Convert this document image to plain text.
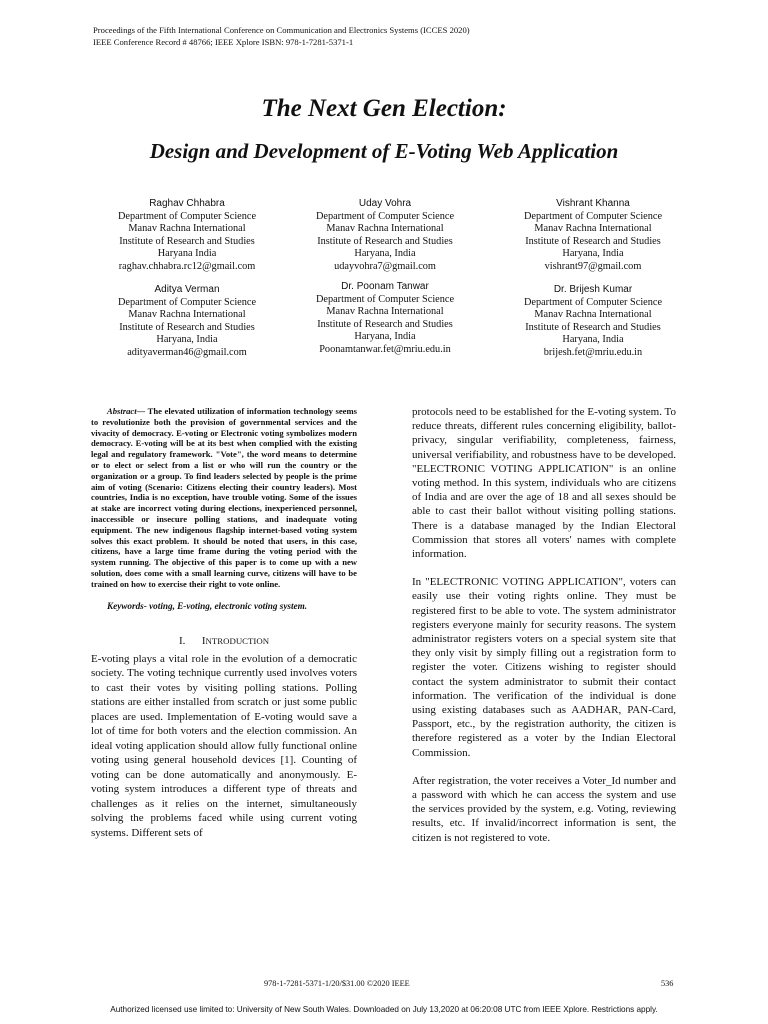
Proceedings of the Fifth International Conference on Communication and Electronics Systems (ICCES 2020)
IEEE Conference Record # 48766; IEEE Xplore ISBN: 978-1-7281-5371-1
The Next Gen Election:
Design and Development of E-Voting Web Application
Raghav Chhabra
Department of Computer Science
Manav Rachna International
Institute of Research and Studies
Haryana India
raghav.chhabra.rc12@gmail.com
Uday Vohra
Department of Computer Science
Manav Rachna International
Institute of Research and Studies
Haryana, India
udayvohra7@gmail.com
Vishrant Khanna
Department of Computer Science
Manav Rachna International
Institute of Research and Studies
Haryana, India
vishrant97@gmail.com
Aditya Verman
Department of Computer Science
Manav Rachna International
Institute of Research and Studies
Haryana, India
adityaverman46@gmail.com
Dr. Poonam Tanwar
Department of Computer Science
Manav Rachna International
Institute of Research and Studies
Haryana, India
Poonamtanwar.fet@mriu.edu.in
Dr. Brijesh Kumar
Department of Computer Science
Manav Rachna International
Institute of Research and Studies
Haryana, India
brijesh.fet@mriu.edu.in
Abstract— The elevated utilization of information technology seems to revolutionize both the provision of governmental services and the vivacity of democracy. E-voting or Electronic voting symbolizes modern democracy. E-voting will be at its best when complied with the existing legal and regulatory framework. "Vote", the word means to determine or to elect or select from a list or who will run the country or the organization or a group. To find leaders selected by people is the prime aim of voting (Scenario: Citizens electing their country leaders). Most countries, India is no exception, have trouble voting. Some of the issues at stake are incorrect voting during elections, inexperienced personnel, inaccessible or insecure polling stations, and inadequate voting equipment. The new indigenous flagship internet-based voting system solves this exact problem. It should be noted that users, in this case, citizens, have a large time frame during the voting period with the system running. The objective of this paper is to come up with a new solution, does come with a small learning curve, citizens will have to be trained on how to exercise their right to vote online.
Keywords- voting, E-voting, electronic voting system.
I. INTRODUCTION

E-voting plays a vital role in the evolution of a democratic society. The voting technique currently used involves voters to cast their votes by visiting polling stations. Polling stations are either installed from scratch or just some public places are used. Implementation of E-voting would save a lot of time for both voters and the election commission. An ideal voting application should allow fully functional online voting using general household devices [1]. Counting of voting can be done automatically and anonymously. E-voting system introduces a different type of threats and challenges as it relies on the internet, simultaneously solving the problems faced while using current voting systems. Different sets of

protocols need to be established for the E-voting system. To reduce threats, different rules concerning eligibility, ballot-privacy, singular verifiability, completeness, fairness, universal verifiability, and robustness have to be developed. "ELECTRONIC VOTING APPLICATION" is an online voting method. In this system, individuals who are citizens of India and are over the age of 18 and all sexes should be able to cast their ballot without visiting polling stations. There is a database managed by the Indian Electoral Commission that stores all voters' names with complete information.

In "ELECTRONIC VOTING APPLICATION", voters can easily use their voting rights online. They must be registered first to be able to vote. The system administrator registers everyone mainly for security reasons. The system administrator registers voters on a special system site that they only visit by simply filling out a registration form to register the voter. Citizens wishing to register should contact the system administrator to submit their contact information. The verification of the individual is done using existing databases such as AADHAR, PAN-Card, Passport, etc., by the registration authority, the citizen is therefore registered as a voter by the Indian Electoral Commission.

After registration, the voter receives a Voter_Id number and a password with which he can access the system and use the services provided by the system, e.g. Voting, reviewing results, etc. If invalid/incorrect information is sent, the citizen is not registered to vote.

978-1-7281-5371-1/20/$31.00 ©2020 IEEE	536
Authorized licensed use limited to: University of New South Wales. Downloaded on July 13,2020 at 06:20:08 UTC from IEEE Xplore. Restrictions apply.
